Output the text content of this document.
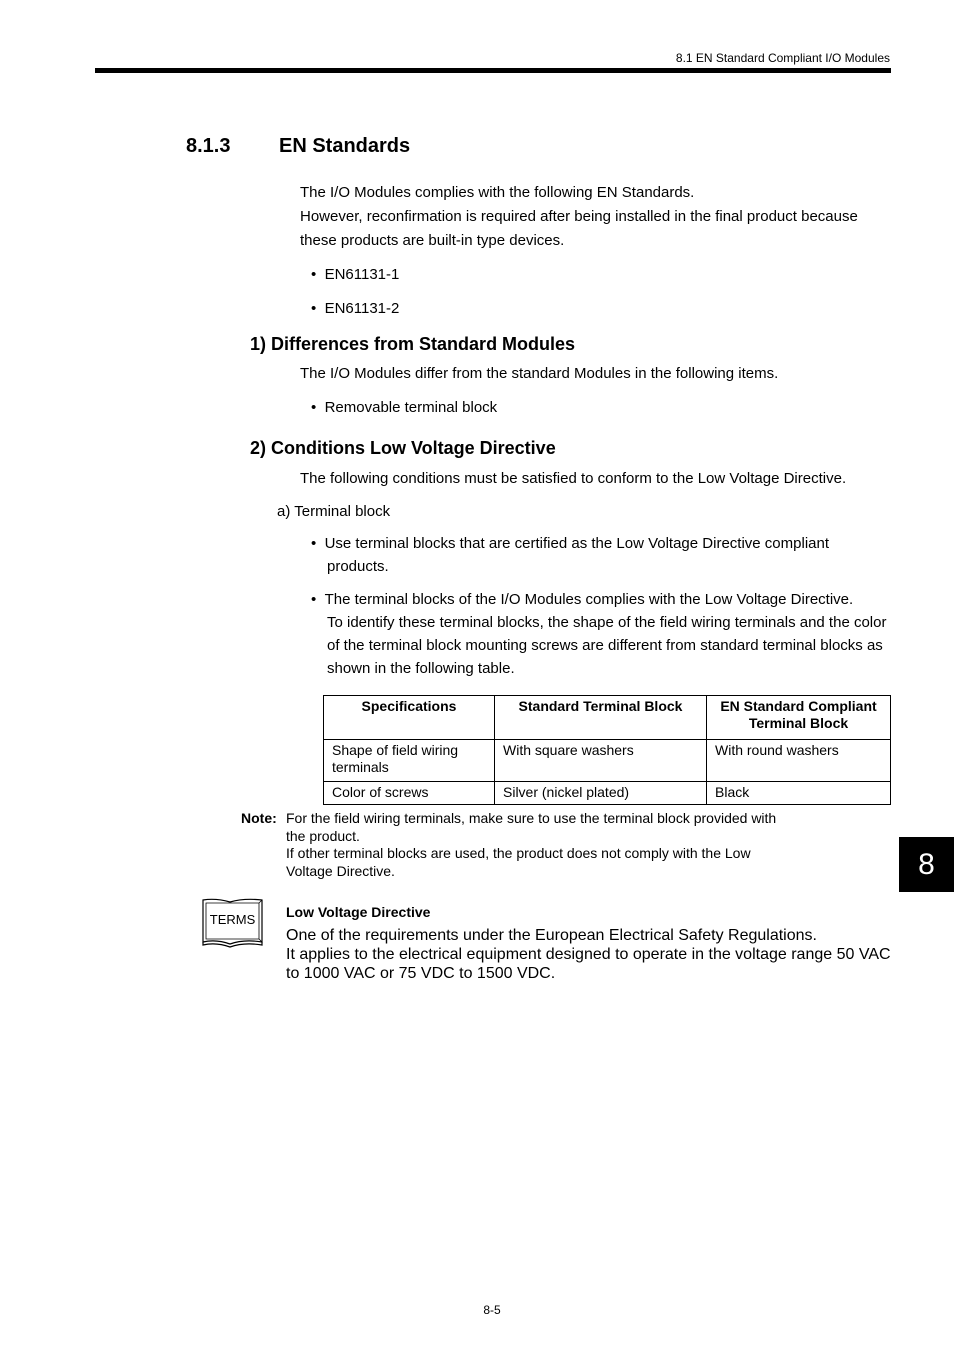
8.1 EN Standard Compliant I/O Modules
8.1.3 EN Standards
The I/O Modules complies with the following EN Standards.
However, reconfirmation is required after being installed in the final product because these products are built-in type devices.
•  EN61131-1
•  EN61131-2
1) Differences from Standard Modules
The I/O Modules differ from the standard Modules in the following items.
•  Removable terminal block
2) Conditions Low Voltage Directive
The following conditions must be satisfied to conform to the Low Voltage Directive.
a) Terminal block
•  Use terminal blocks that are certified as the Low Voltage Directive compliant
products.
•  The terminal blocks of the I/O Modules complies with the Low Voltage Directive.
To identify these terminal blocks, the shape of the field wiring terminals and the color of the terminal block mounting screws are different from standard terminal blocks as shown in the following table.
Specifications	Standard Terminal Block	EN Standard Compliant Terminal Block
Shape of field wiring terminals	With square washers	With round washers
Color of screws	Silver (nickel plated)	Black
Note: For the field wiring terminals, make sure to use the terminal block provided with the product.
If other terminal blocks are used, the product does not comply with the Low Voltage Directive.	8
TERMS Low Voltage Directive
One of the requirements under the European Electrical Safety Regulations.
It applies to the electrical equipment designed to operate in the voltage range 50 VAC to 1000 VAC or 75 VDC to 1500 VDC.
8-5
